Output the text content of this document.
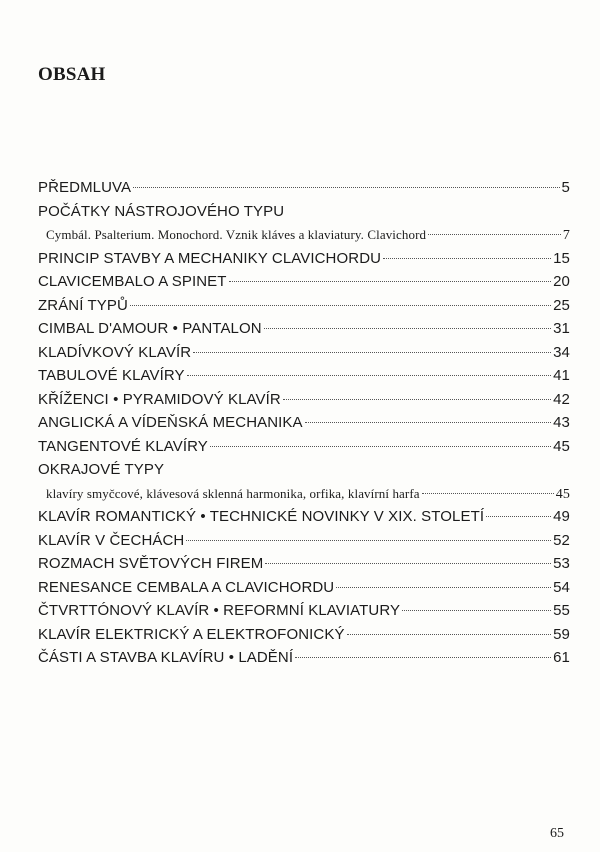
OBSAH
PŘEDMLUVA	5
POČÁTKY NÁSTROJOVÉHO TYPU
Cymbál. Psalterium. Monochord. Vznik kláves a klaviatury. Clavichord	7
PRINCIP STAVBY A MECHANIKY CLAVICHORDU	15
CLAVICEMBALO A SPINET	20
ZRÁNÍ TYPŮ	25
CIMBAL D'AMOUR • PANTALON	31
KLADÍVKOVÝ KLAVÍR	34
TABULOVÉ KLAVÍRY	41
KŘÍŽENCI • PYRAMIDOVÝ KLAVÍR	42
ANGLICKÁ A VÍDEŇSKÁ MECHANIKA	43
TANGENTOVÉ KLAVÍRY	45
OKRAJOVÉ TYPY
klavíry smyčcové, klávesová sklenná harmonika, orfika, klavírní harfa	45
KLAVÍR ROMANTICKÝ • TECHNICKÉ NOVINKY V XIX. STOLETÍ	49
KLAVÍR V ČECHÁCH	52
ROZMACH SVĚTOVÝCH FIREM	53
RENESANCE CEMBALA A CLAVICHORDU	54
ČTVRTTÓNOVÝ KLAVÍR • REFORMNÍ KLAVIATURY	55
KLAVÍR ELEKTRICKÝ A ELEKTROFONICKÝ	59
ČÁSTI A STAVBA KLAVÍRU • LADĚNÍ	61
65
